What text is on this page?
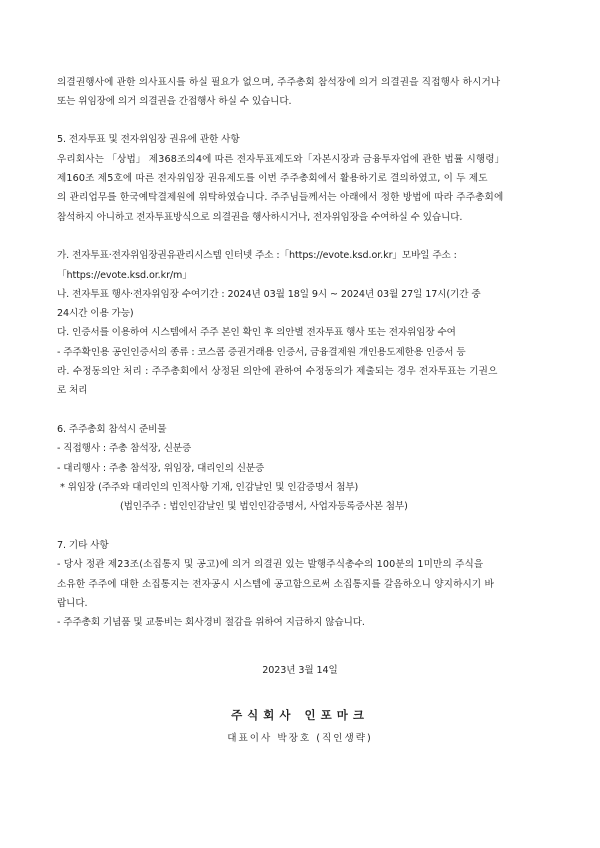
의결권행사에 관한 의사표시를 하실 필요가 없으며, 주주총회 참석장에 의거 의결권을 직접행사 하시거나
또는 위임장에 의거 의결권을 간접행사 하실 수 있습니다.
5. 전자투표 및 전자위임장 권유에 관한 사항
우리회사는 「상법」 제368조의4에 따른 전자투표제도와「자본시장과 금융투자업에 관한 법률 시행령」
제160조 제5호에 따른 전자위임장 권유제도를 이번 주주총회에서 활용하기로 결의하였고, 이 두 제도
의 관리업무를 한국예탁결제원에 위탁하였습니다. 주주님들께서는 아래에서 정한 방법에 따라 주주총회에
참석하지 아니하고 전자투표방식으로 의결권을 행사하시거나, 전자위임장을 수여하실 수 있습니다.
가. 전자투표·전자위임장권유관리시스템 인터넷 주소 :「https://evote.ksd.or.kr」모바일 주소 :
「https://evote.ksd.or.kr/m」
나. 전자투표 행사·전자위임장 수여기간 : 2024년 03월 18일 9시 ~ 2024년 03월 27일 17시(기간 중
24시간 이용 가능)
다. 인증서를 이용하여 시스템에서 주주 본인 확인 후 의안별 전자투표 행사 또는 전자위임장 수여
- 주주확인용 공인인증서의 종류 : 코스콤 증권거래용 인증서, 금융결제원 개인용도제한용 인증서 등
라. 수정동의안 처리 : 주주총회에서 상정된 의안에 관하여 수정동의가 제출되는 경우 전자투표는 기권으
로 처리
6. 주주총회 참석시 준비물
- 직접행사 : 주총 참석장, 신분증
- 대리행사 : 주총 참석장, 위임장, 대리인의 신분증
* 위임장 (주주와 대리인의 인적사항 기재, 인감날인 및 인감증명서 첨부)
(법인주주 : 법인인감날인 및 법인인감증명서, 사업자등록증사본 첨부)
7. 기타 사항
- 당사 정관 제23조(소집통지 및 공고)에 의거 의결권 있는 발행주식총수의 100분의 1미만의 주식을
소유한 주주에 대한 소집통지는 전자공시 시스템에 공고함으로써 소집통지를 갈음하오니 양지하시기 바
랍니다.
- 주주총회 기념품 및 교통비는 회사경비 절감을 위하여 지급하지 않습니다.
2023년 3월 14일
주식회사 인포마크
대표이사 박장호 (직인생략)
